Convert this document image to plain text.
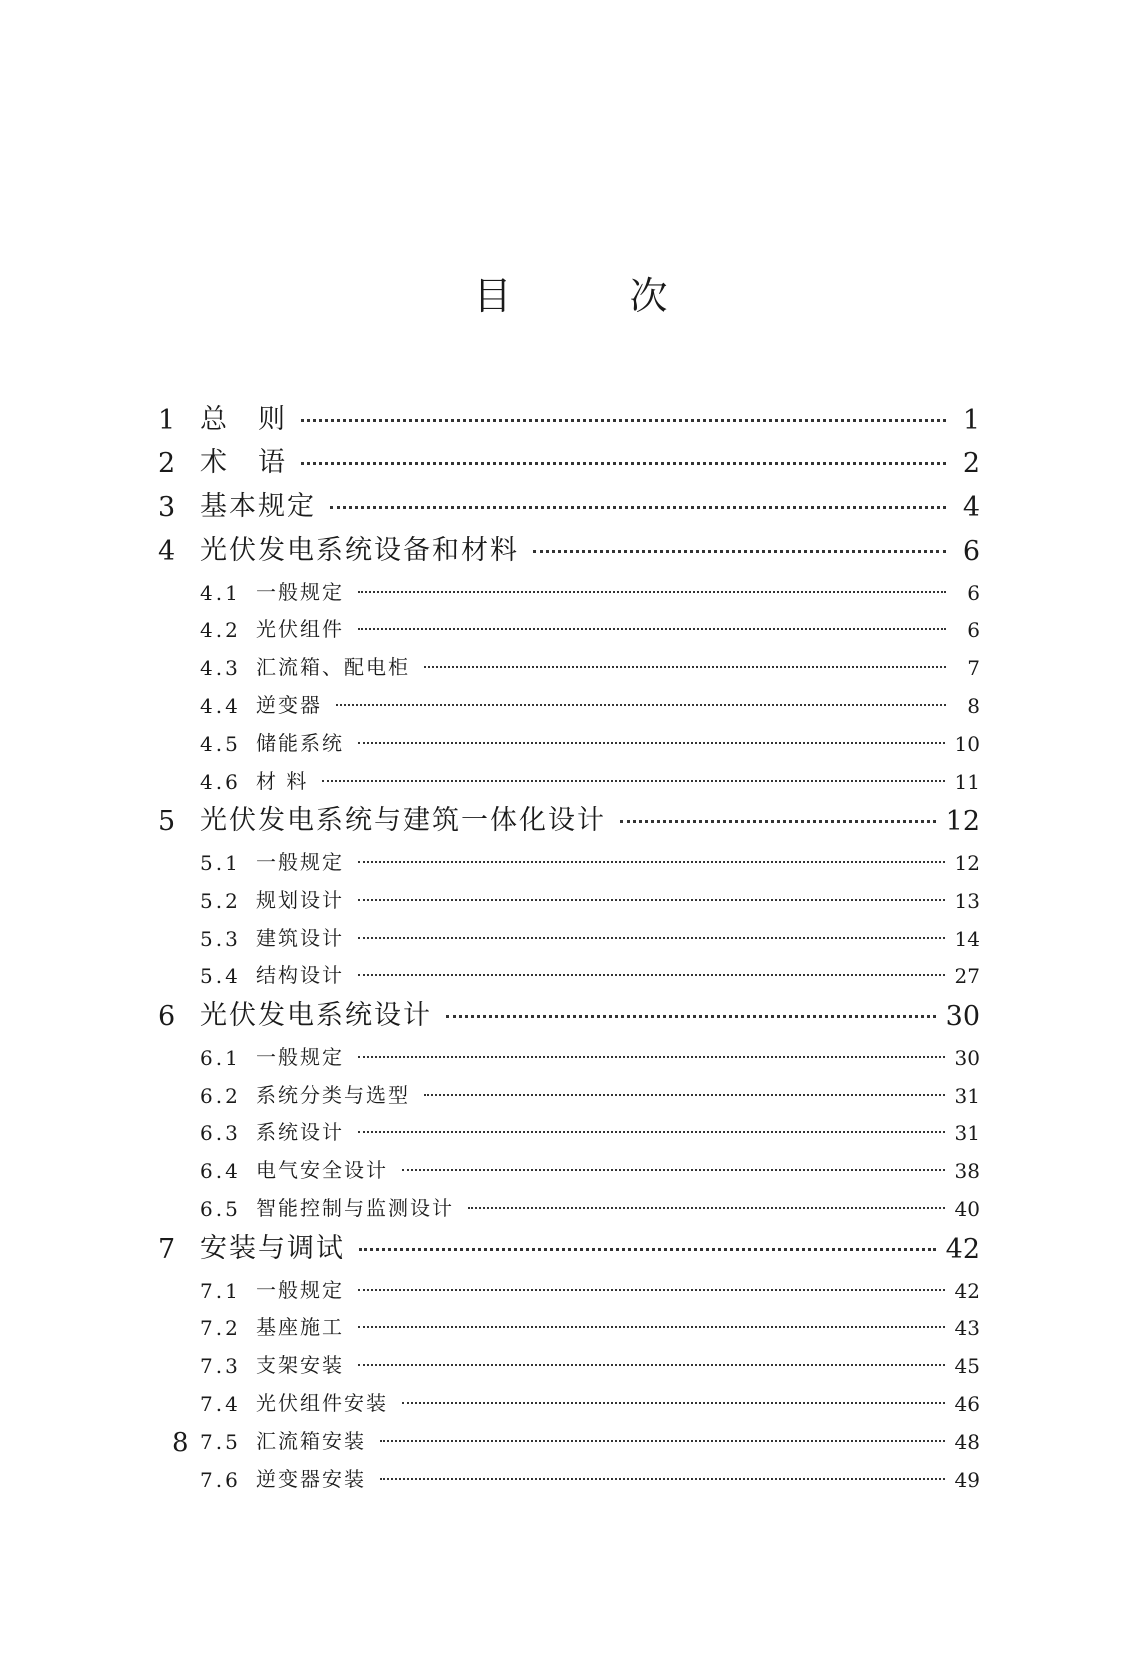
目　次
1 总　则	1
2 术　语	2
3 基本规定	4
4 光伏发电系统设备和材料	6
4.1 一般规定	6
4.2 光伏组件	6
4.3 汇流箱、配电柜	7
4.4 逆变器	8
4.5 储能系统	10
4.6 材 料	11
5 光伏发电系统与建筑一体化设计	12
5.1 一般规定	12
5.2 规划设计	13
5.3 建筑设计	14
5.4 结构设计	27
6 光伏发电系统设计	30
6.1 一般规定	30
6.2 系统分类与选型	31
6.3 系统设计	31
6.4 电气安全设计	38
6.5 智能控制与监测设计	40
7 安装与调试	42
7.1 一般规定	42
7.2 基座施工	43
7.3 支架安装	45
7.4 光伏组件安装	46
7.5 汇流箱安装	48
7.6 逆变器安装	49
8
